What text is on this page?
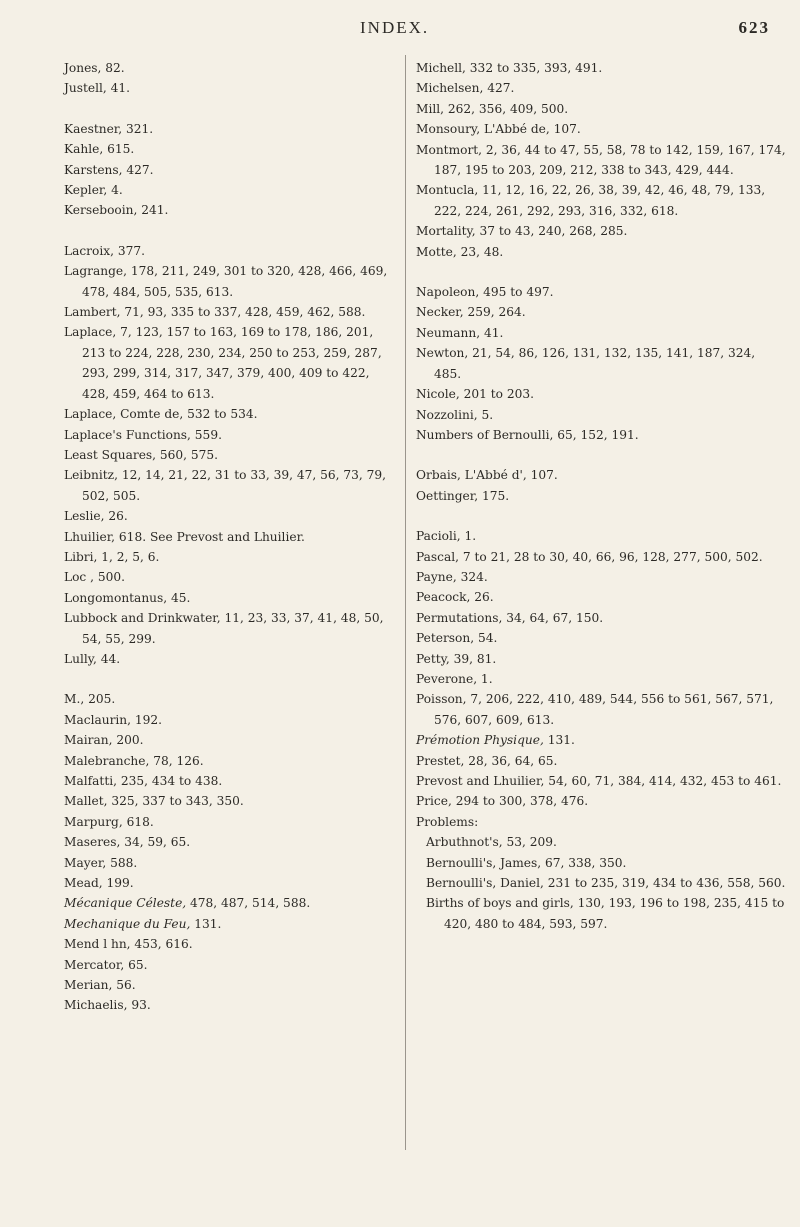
INDEX.	623
Jones, 82.
Justell, 41.
Kaestner, 321.
Kahle, 615.
Karstens, 427.
Kepler, 4.
Kersebooin, 241.
Lacroix, 377.
Lagrange, 178, 211, 249, 301 to 320, 428, 466, 469, 478, 484, 505, 535, 613.
Lambert, 71, 93, 335 to 337, 428, 459, 462, 588.
Laplace, 7, 123, 157 to 163, 169 to 178, 186, 201, 213 to 224, 228, 230, 234, 250 to 253, 259, 287, 293, 299, 314, 317, 347, 379, 400, 409 to 422, 428, 459, 464 to 613.
Laplace, Comte de, 532 to 534.
Laplace's Functions, 559.
Least Squares, 560, 575.
Leibnitz, 12, 14, 21, 22, 31 to 33, 39, 47, 56, 73, 79, 502, 505.
Leslie, 26.
Lhuilier, 618. See Prevost and Lhuilier.
Libri, 1, 2, 5, 6.
Loc , 500.
Longomontanus, 45.
Lubbock and Drinkwater, 11, 23, 33, 37, 41, 48, 50, 54, 55, 299.
Lully, 44.
M., 205.
Maclaurin, 192.
Mairan, 200.
Malebranche, 78, 126.
Malfatti, 235, 434 to 438.
Mallet, 325, 337 to 343, 350.
Marpurg, 618.
Maseres, 34, 59, 65.
Mayer, 588.
Mead, 199.
Mécanique Céleste, 478, 487, 514, 588.
Mechanique du Feu, 131.
Mend l hn, 453, 616.
Mercator, 65.
Merian, 56.
Michaelis, 93.
Michell, 332 to 335, 393, 491.
Michelsen, 427.
Mill, 262, 356, 409, 500.
Monsoury, L'Abbé de, 107.
Montmort, 2, 36, 44 to 47, 55, 58, 78 to 142, 159, 167, 174, 187, 195 to 203, 209, 212, 338 to 343, 429, 444.
Montucla, 11, 12, 16, 22, 26, 38, 39, 42, 46, 48, 79, 133, 222, 224, 261, 292, 293, 316, 332, 618.
Mortality, 37 to 43, 240, 268, 285.
Motte, 23, 48.
Napoleon, 495 to 497.
Necker, 259, 264.
Neumann, 41.
Newton, 21, 54, 86, 126, 131, 132, 135, 141, 187, 324, 485.
Nicole, 201 to 203.
Nozzolini, 5.
Numbers of Bernoulli, 65, 152, 191.
Orbais, L'Abbé d', 107.
Oettinger, 175.
Pacioli, 1.
Pascal, 7 to 21, 28 to 30, 40, 66, 96, 128, 277, 500, 502.
Payne, 324.
Peacock, 26.
Permutations, 34, 64, 67, 150.
Peterson, 54.
Petty, 39, 81.
Peverone, 1.
Poisson, 7, 206, 222, 410, 489, 544, 556 to 561, 567, 571, 576, 607, 609, 613.
Prémotion Physique, 131.
Prestet, 28, 36, 64, 65.
Prevost and Lhuilier, 54, 60, 71, 384, 414, 432, 453 to 461.
Price, 294 to 300, 378, 476.
Problems:
Arbuthnot's, 53, 209.
Bernoulli's, James, 67, 338, 350.
Bernoulli's, Daniel, 231 to 235, 319, 434 to 436, 558, 560.
Births of boys and girls, 130, 193, 196 to 198, 235, 415 to 420, 480 to 484, 593, 597.
